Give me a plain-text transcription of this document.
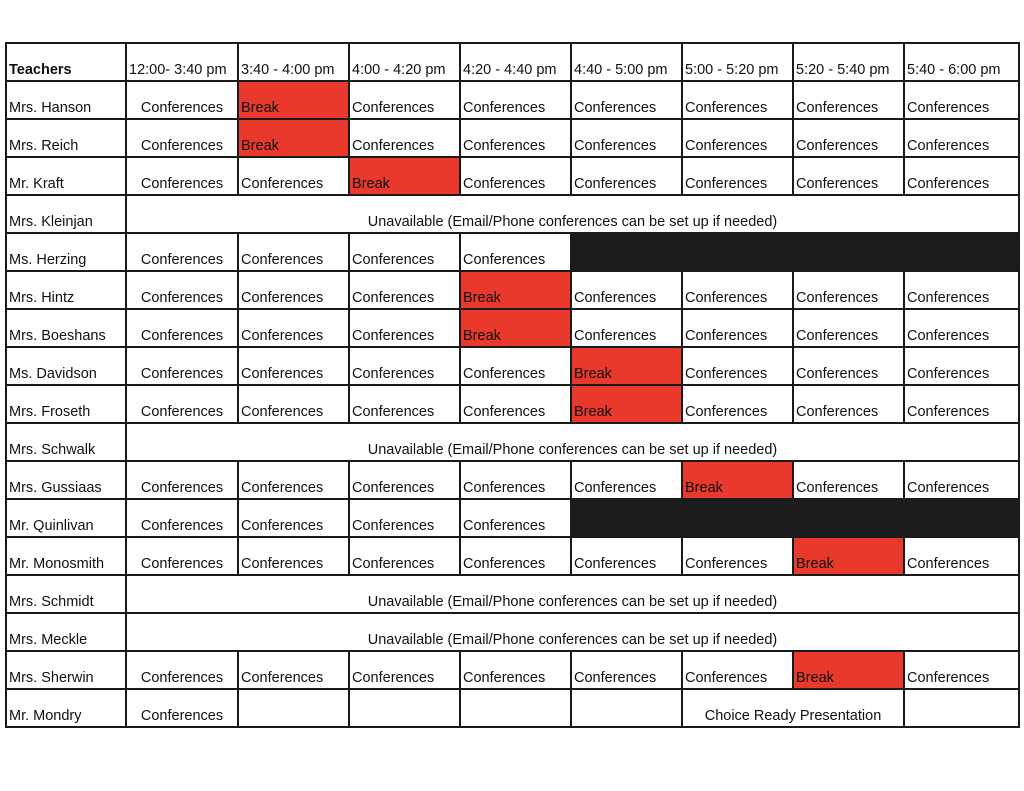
Teachers	12:00- 3:40 pm	3:40 - 4:00 pm	4:00 - 4:20 pm	4:20 - 4:40 pm	4:40 - 5:00 pm	5:00 - 5:20 pm	5:20 - 5:40 pm	5:40 - 6:00 pm
Mrs. Hanson	Conferences	Break	Conferences	Conferences	Conferences	Conferences	Conferences	Conferences
Mrs. Reich	Conferences	Break	Conferences	Conferences	Conferences	Conferences	Conferences	Conferences
Mr. Kraft	Conferences	Conferences	Break	Conferences	Conferences	Conferences	Conferences	Conferences
Mrs. Kleinjan	Unavailable (Email/Phone conferences can be set up if needed)							
Ms. Herzing	Conferences	Conferences	Conferences	Conferences				
Mrs. Hintz	Conferences	Conferences	Conferences	Break	Conferences	Conferences	Conferences	Conferences
Mrs. Boeshans	Conferences	Conferences	Conferences	Break	Conferences	Conferences	Conferences	Conferences
Ms. Davidson	Conferences	Conferences	Conferences	Conferences	Break	Conferences	Conferences	Conferences
Mrs. Froseth	Conferences	Conferences	Conferences	Conferences	Break	Conferences	Conferences	Conferences
Mrs. Schwalk	Unavailable (Email/Phone conferences can be set up if needed)							
Mrs. Gussiaas	Conferences	Conferences	Conferences	Conferences	Conferences	Break	Conferences	Conferences
Mr. Quinlivan	Conferences	Conferences	Conferences	Conferences				
Mr. Monosmith	Conferences	Conferences	Conferences	Conferences	Conferences	Conferences	Break	Conferences
Mrs. Schmidt	Unavailable (Email/Phone conferences can be set up if needed)							
Mrs. Meckle	Unavailable (Email/Phone conferences can be set up if needed)							
Mrs. Sherwin	Conferences	Conferences	Conferences	Conferences	Conferences	Conferences	Break	Conferences
Mr. Mondry	Conferences					Choice Ready Presentation		
